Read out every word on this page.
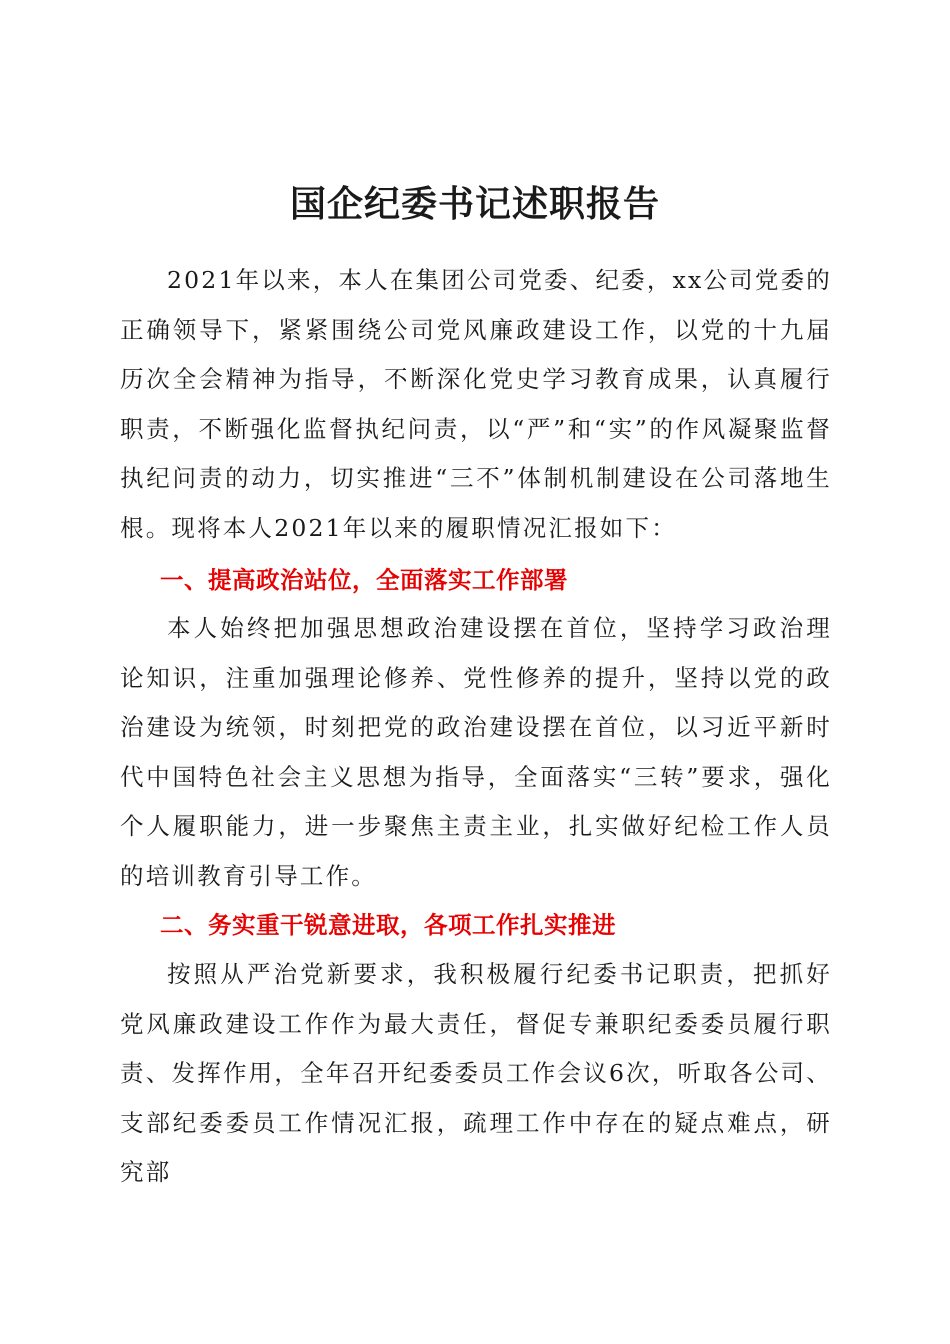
国企纪委书记述职报告

2021年以来，本人在集团公司党委、纪委，xx公司党委的正确领导下，紧紧围绕公司党风廉政建设工作，以党的十九届历次全会精神为指导，不断深化党史学习教育成果，认真履行职责，不断强化监督执纪问责，以“严”和“实”的作风凝聚监督执纪问责的动力，切实推进“三不”体制机制建设在公司落地生根。现将本人2021年以来的履职情况汇报如下：

一、提高政治站位，全面落实工作部署

本人始终把加强思想政治建设摆在首位，坚持学习政治理论知识，注重加强理论修养、党性修养的提升，坚持以党的政治建设为统领，时刻把党的政治建设摆在首位，以习近平新时代中国特色社会主义思想为指导，全面落实“三转”要求，强化个人履职能力，进一步聚焦主责主业，扎实做好纪检工作人员的培训教育引导工作。

二、务实重干锐意进取，各项工作扎实推进

按照从严治党新要求，我积极履行纪委书记职责，把抓好党风廉政建设工作作为最大责任，督促专兼职纪委委员履行职责、发挥作用，全年召开纪委委员工作会议6次，听取各公司、支部纪委委员工作情况汇报，疏理工作中存在的疑点难点，研究部
